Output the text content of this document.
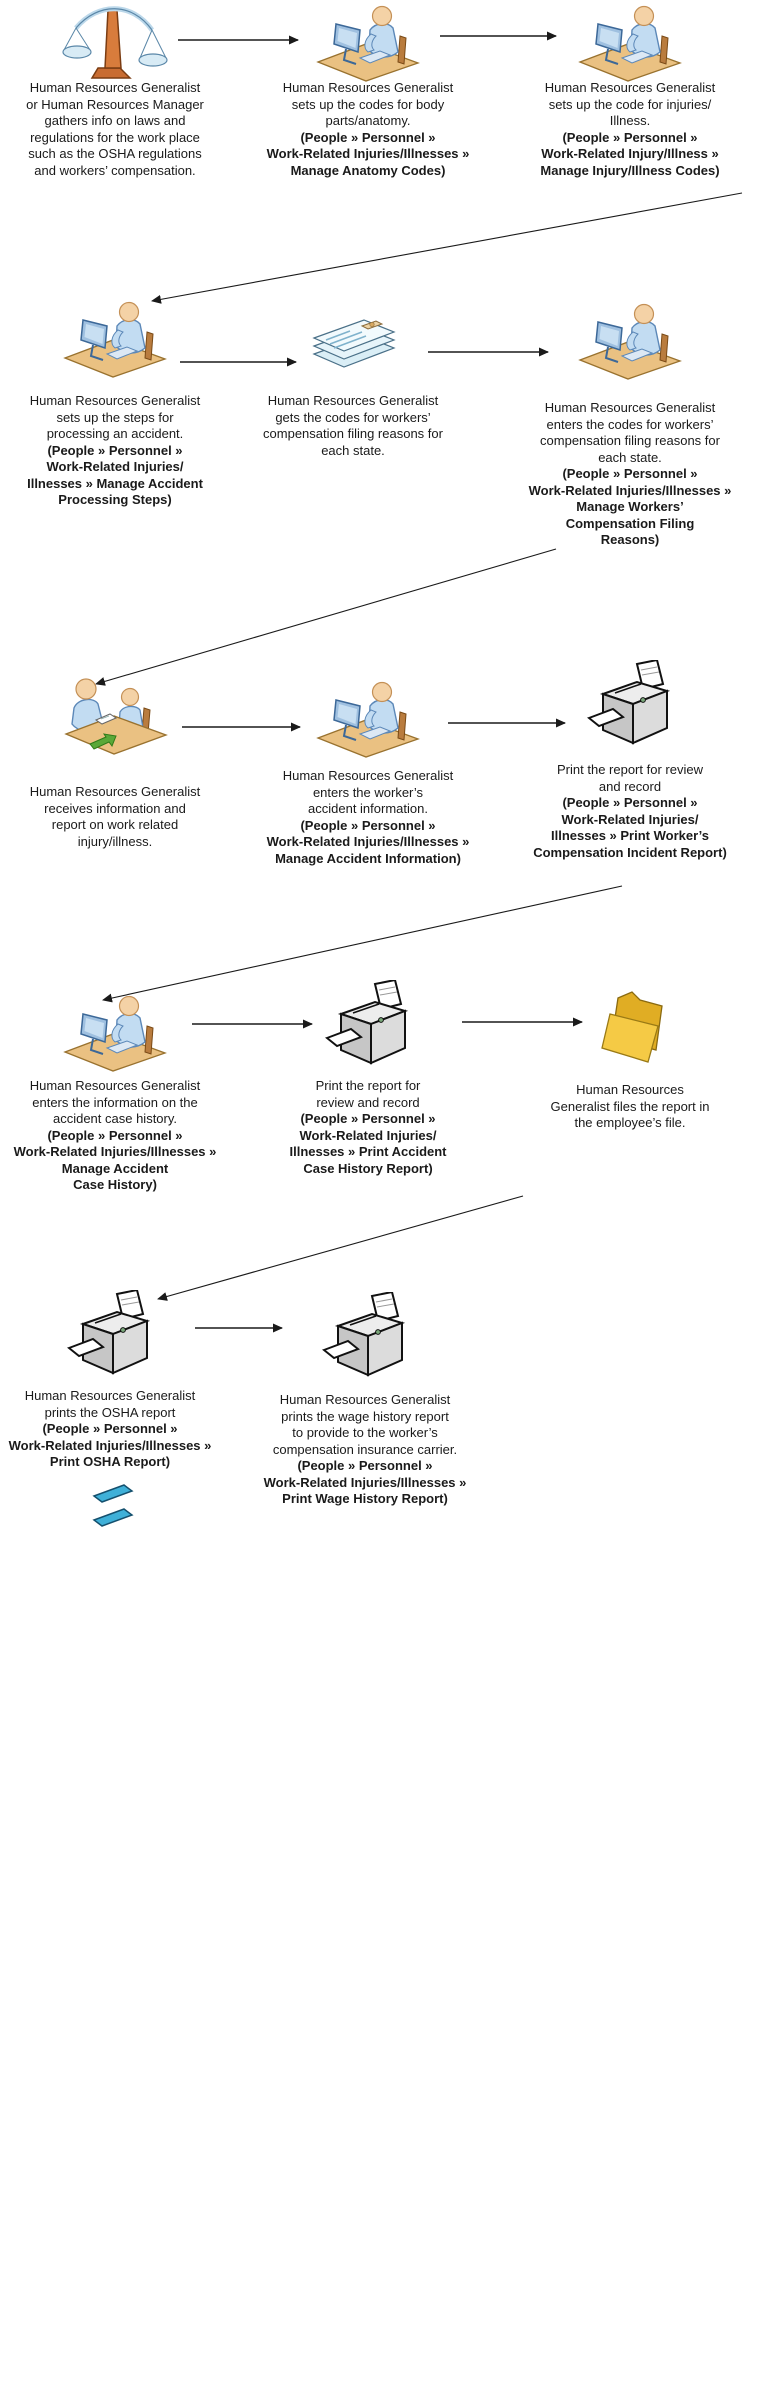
Human Resources Generalist
or Human Resources Manager
gathers info on laws and
regulations for the work place
such as the OSHA regulations
and workers’ compensation.
Human Resources Generalist
sets up the codes for body
parts/anatomy.
(People » Personnel »
Work-Related Injuries/Illnesses »
Manage Anatomy Codes)
Human Resources Generalist
sets up the code for injuries/
Illness.
(People » Personnel »
Work-Related Injury/Illness »
Manage Injury/Illness Codes)
Human Resources Generalist
sets up the steps for
processing an accident.
(People » Personnel »
Work-Related Injuries/
Illnesses » Manage Accident
Processing Steps)
Human Resources Generalist
gets the codes for workers’
compensation filing reasons for
each state.
Human Resources Generalist
enters the codes for workers’
compensation filing reasons for
each state.
(People » Personnel »
Work-Related Injuries/Illnesses »
Manage Workers’
Compensation Filing
Reasons)
Human Resources Generalist
receives information and
report on work related
injury/illness.
Human Resources Generalist
enters the worker’s
accident information.
(People » Personnel »
Work-Related Injuries/Illnesses »
Manage Accident Information)
Print the report for review
and record
(People » Personnel »
Work-Related Injuries/
Illnesses » Print Worker’s
Compensation Incident Report)
Human Resources Generalist
enters the information on the
accident case history.
(People » Personnel »
Work-Related Injuries/Illnesses »
Manage Accident
Case History)
Print the report for
review and record
(People » Personnel »
Work-Related Injuries/
Illnesses » Print Accident
Case History Report)
Human Resources
Generalist files the report in
the employee’s file.
Human Resources Generalist
prints the OSHA report
(People » Personnel »
Work-Related Injuries/Illnesses »
Print OSHA Report)
Human Resources Generalist
prints the wage history report
to provide to the worker’s
compensation insurance carrier.
(People » Personnel »
Work-Related Injuries/Illnesses »
Print Wage History Report)
